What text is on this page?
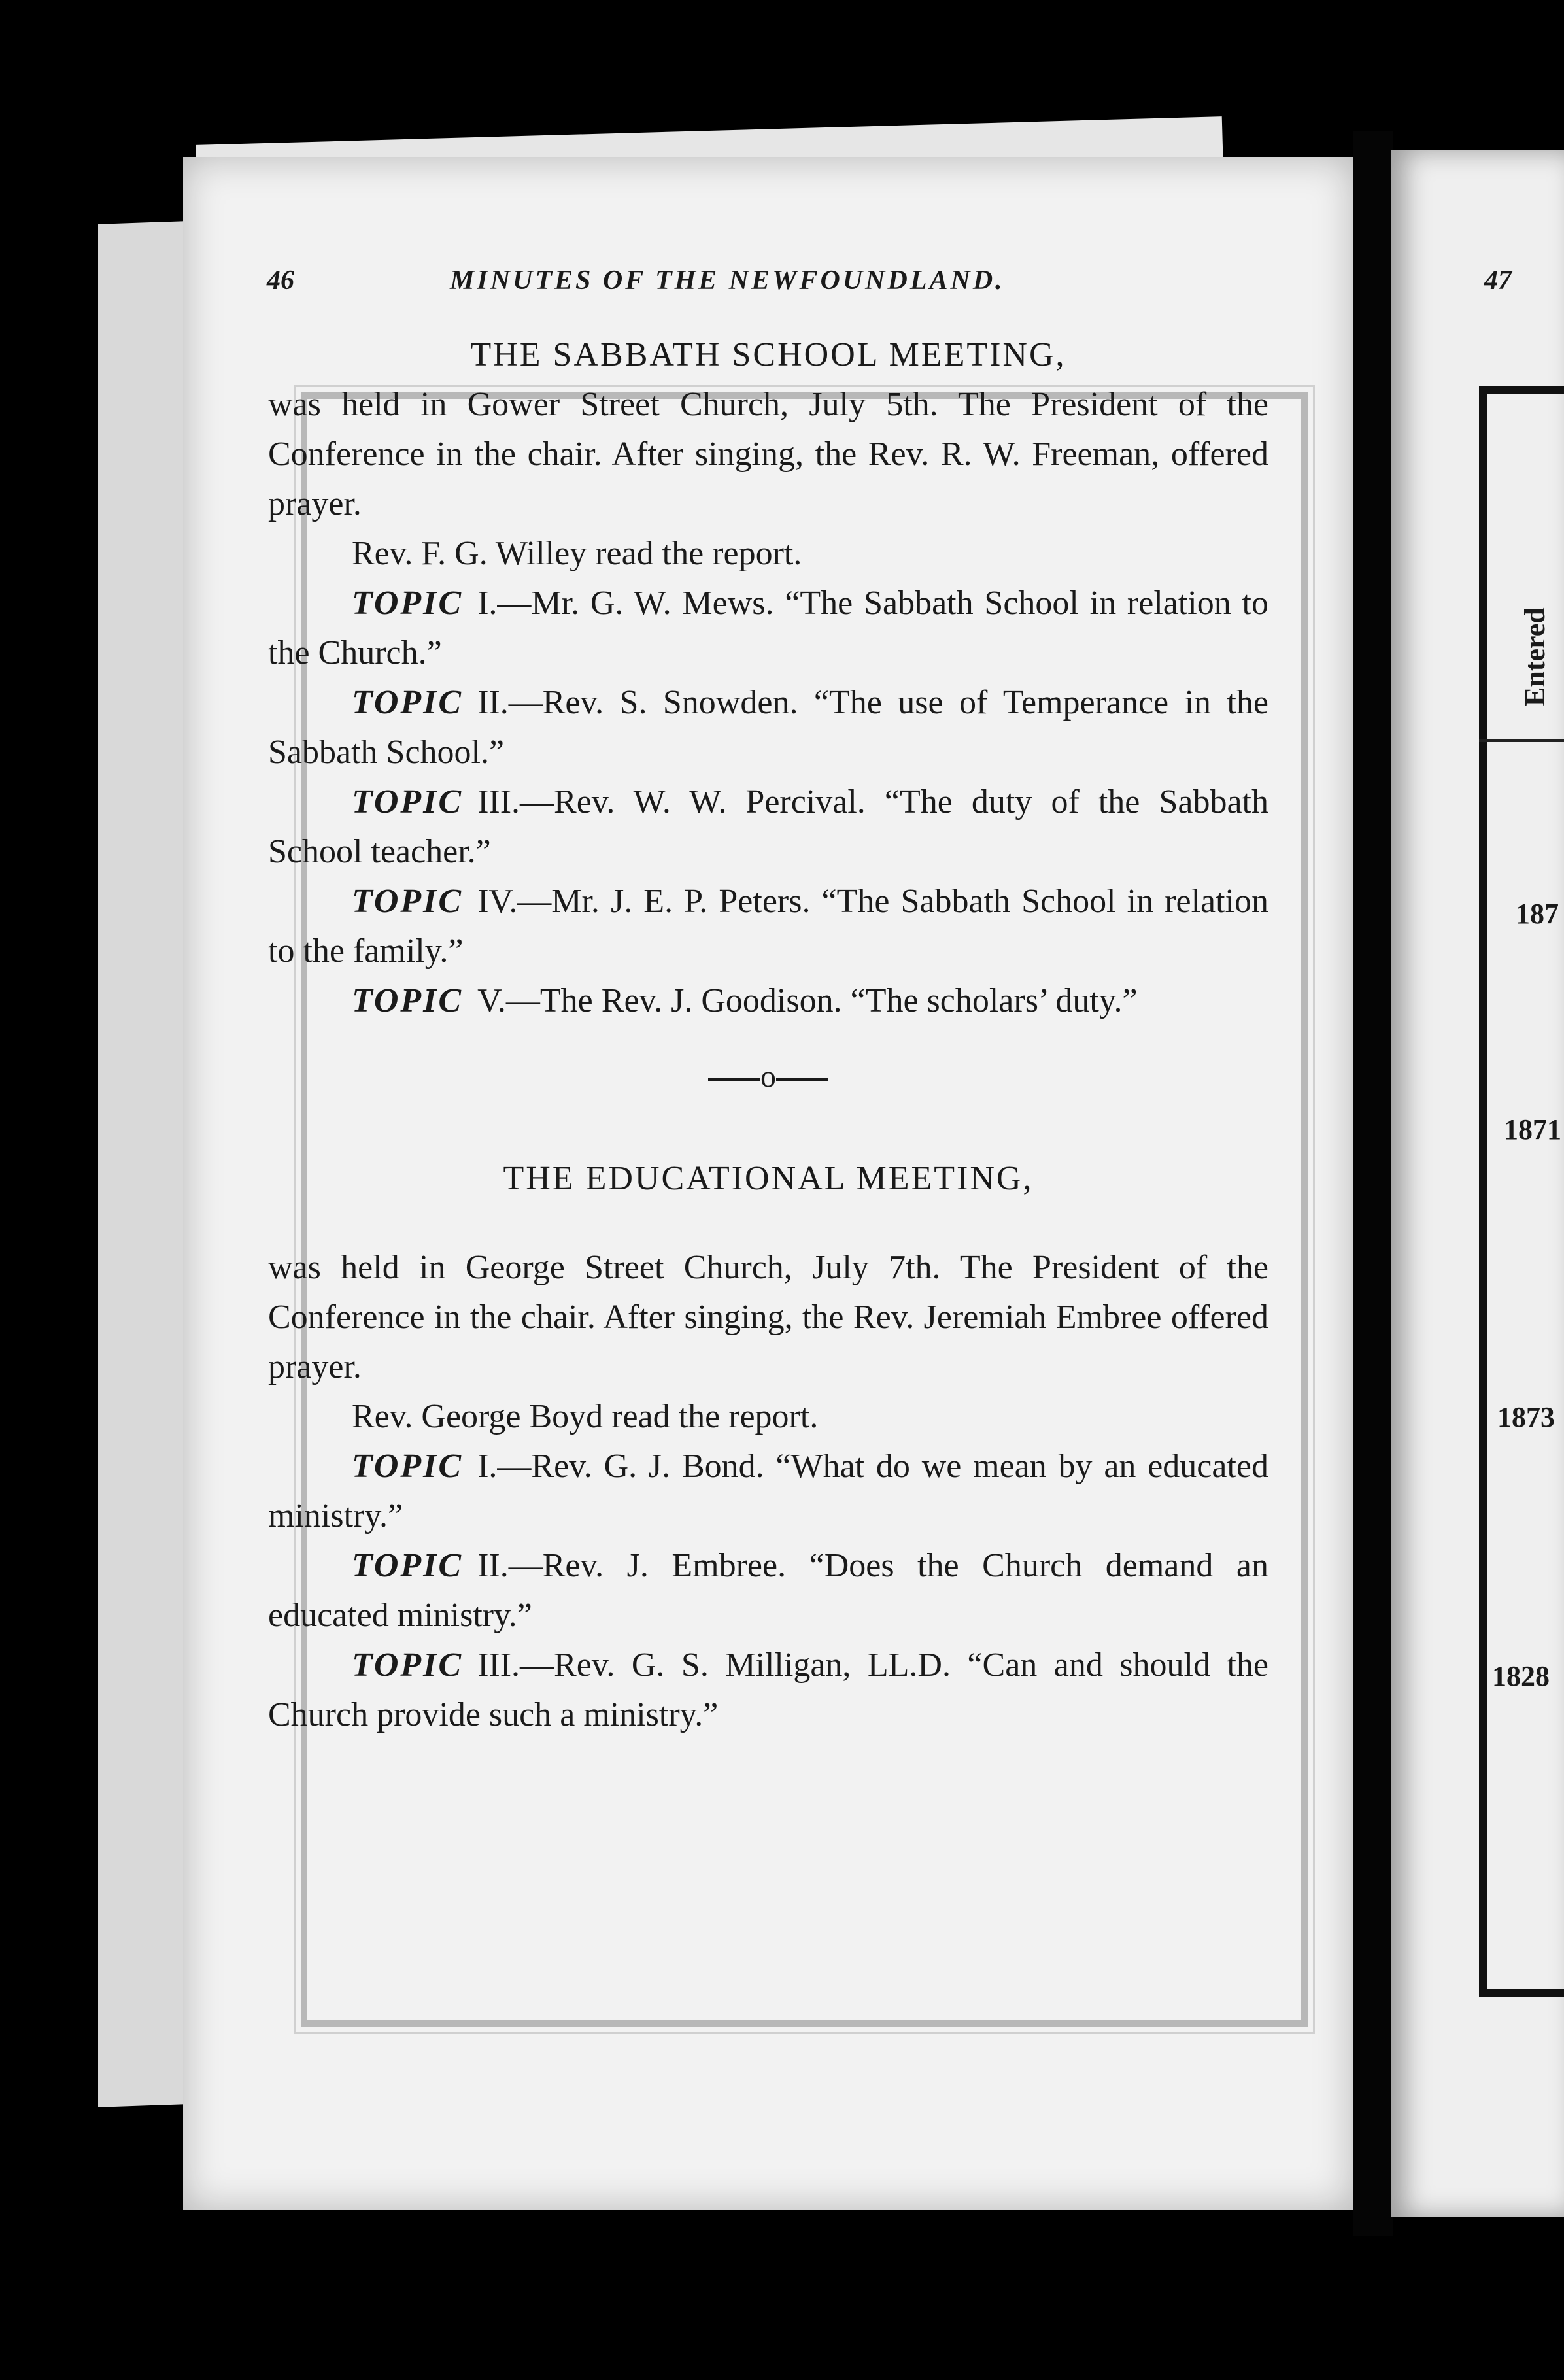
46	MINUTES OF THE NEWFOUNDLAND.	47
THE SABBATH SCHOOL MEETING,

was held in Gower Street Church, July 5th. The President of the Conference in the chair. After singing, the Rev. R. W. Freeman, offered prayer.

Rev. F. G. Willey read the report.

TOPIC I.—Mr. G. W. Mews. “The Sabbath School in relation to the Church.”

TOPIC II.—Rev. S. Snowden. “The use of Temperance in the Sabbath School.”

TOPIC III.—Rev. W. W. Percival. “The duty of the Sabbath School teacher.”

TOPIC IV.—Mr. J. E. P. Peters. “The Sabbath School in relation to the family.”

TOPIC V.—The Rev. J. Goodison. “The scholars’ duty.”

o
THE EDUCATIONAL MEETING,

was held in George Street Church, July 7th. The President of the Conference in the chair. After singing, the Rev. Jeremiah Embree offered prayer.

Rev. George Boyd read the report.

TOPIC I.—Rev. G. J. Bond. “What do we mean by an educated ministry.”

TOPIC II.—Rev. J. Embree. “Does the Church demand an educated ministry.”

TOPIC III.—Rev. G. S. Milligan, LL.D. “Can and should the Church provide such a ministry.”

Entered
187
1871
1873
1828
